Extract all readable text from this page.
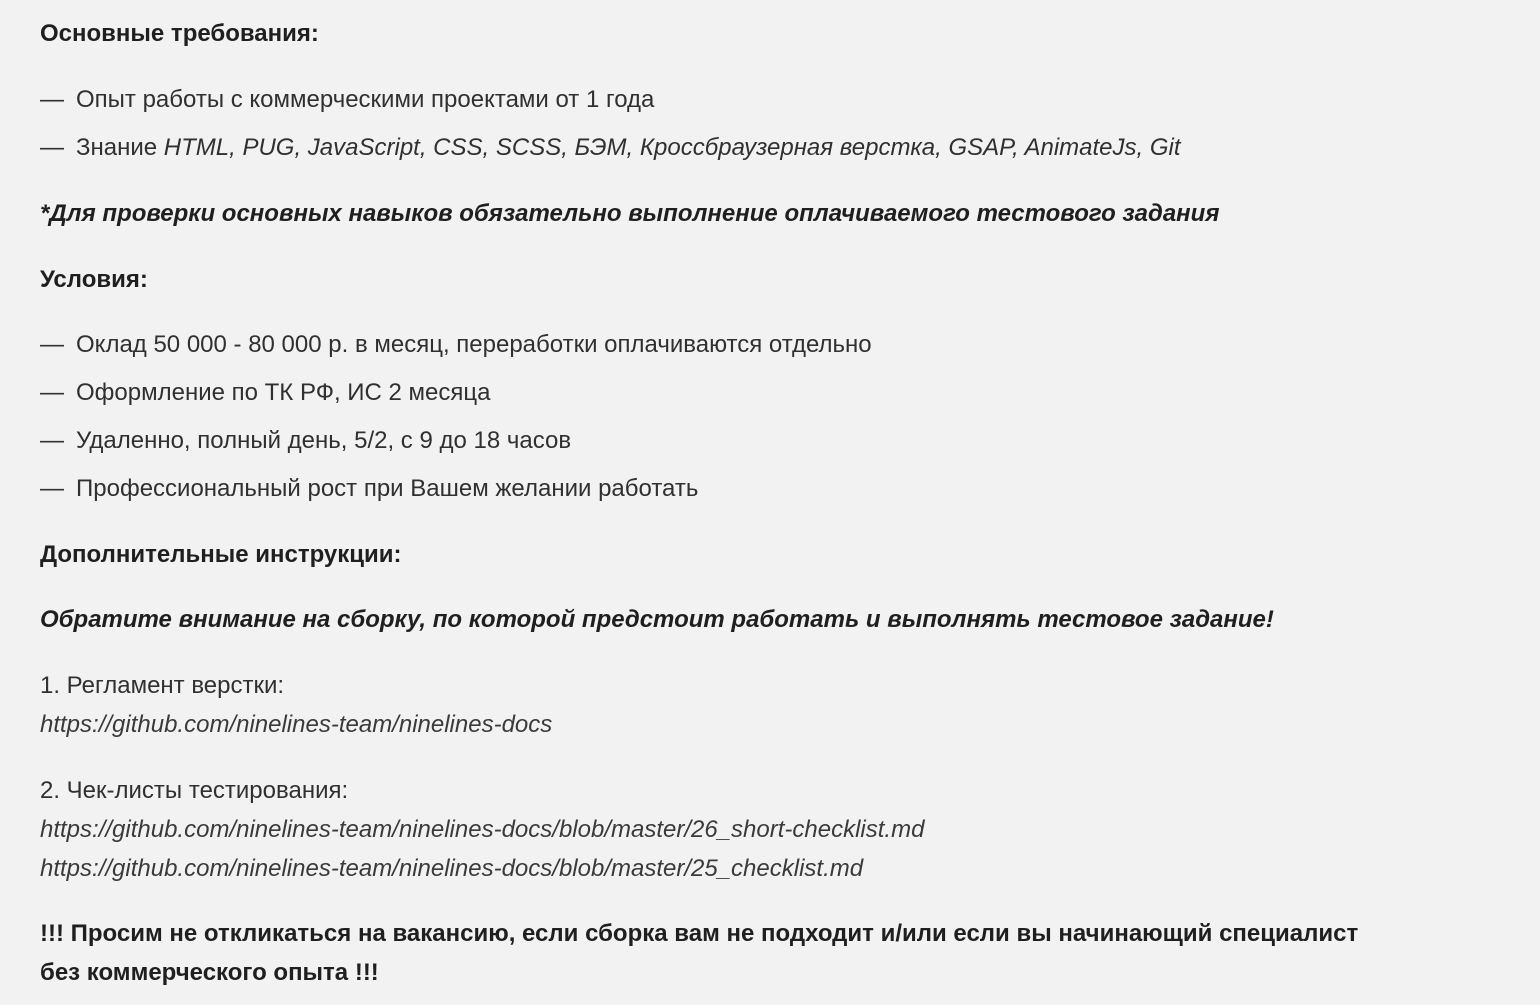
Основные требования:
— Опыт работы с коммерческими проектами от 1 года
— Знание HTML, PUG, JavaScript, CSS, SCSS, БЭМ, Кроссбраузерная верстка, GSAP, AnimateJs, Git
*Для проверки основных навыков обязательно выполнение оплачиваемого тестового задания
Условия:
— Оклад 50 000 - 80 000 р. в месяц, переработки оплачиваются отдельно
— Оформление по ТК РФ, ИС 2 месяца
— Удаленно, полный день, 5/2, с 9 до 18 часов
— Профессиональный рост при Вашем желании работать
Дополнительные инструкции:
Обратите внимание на сборку, по которой предстоит работать и выполнять тестовое задание!
1. Регламент верстки:
https://github.com/ninelines-team/ninelines-docs
2. Чек-листы тестирования:
https://github.com/ninelines-team/ninelines-docs/blob/master/26_short-checklist.md
https://github.com/ninelines-team/ninelines-docs/blob/master/25_checklist.md
!!! Просим не откликаться на вакансию, если сборка вам не подходит и/или если вы начинающий специалист
без коммерческого опыта !!!
